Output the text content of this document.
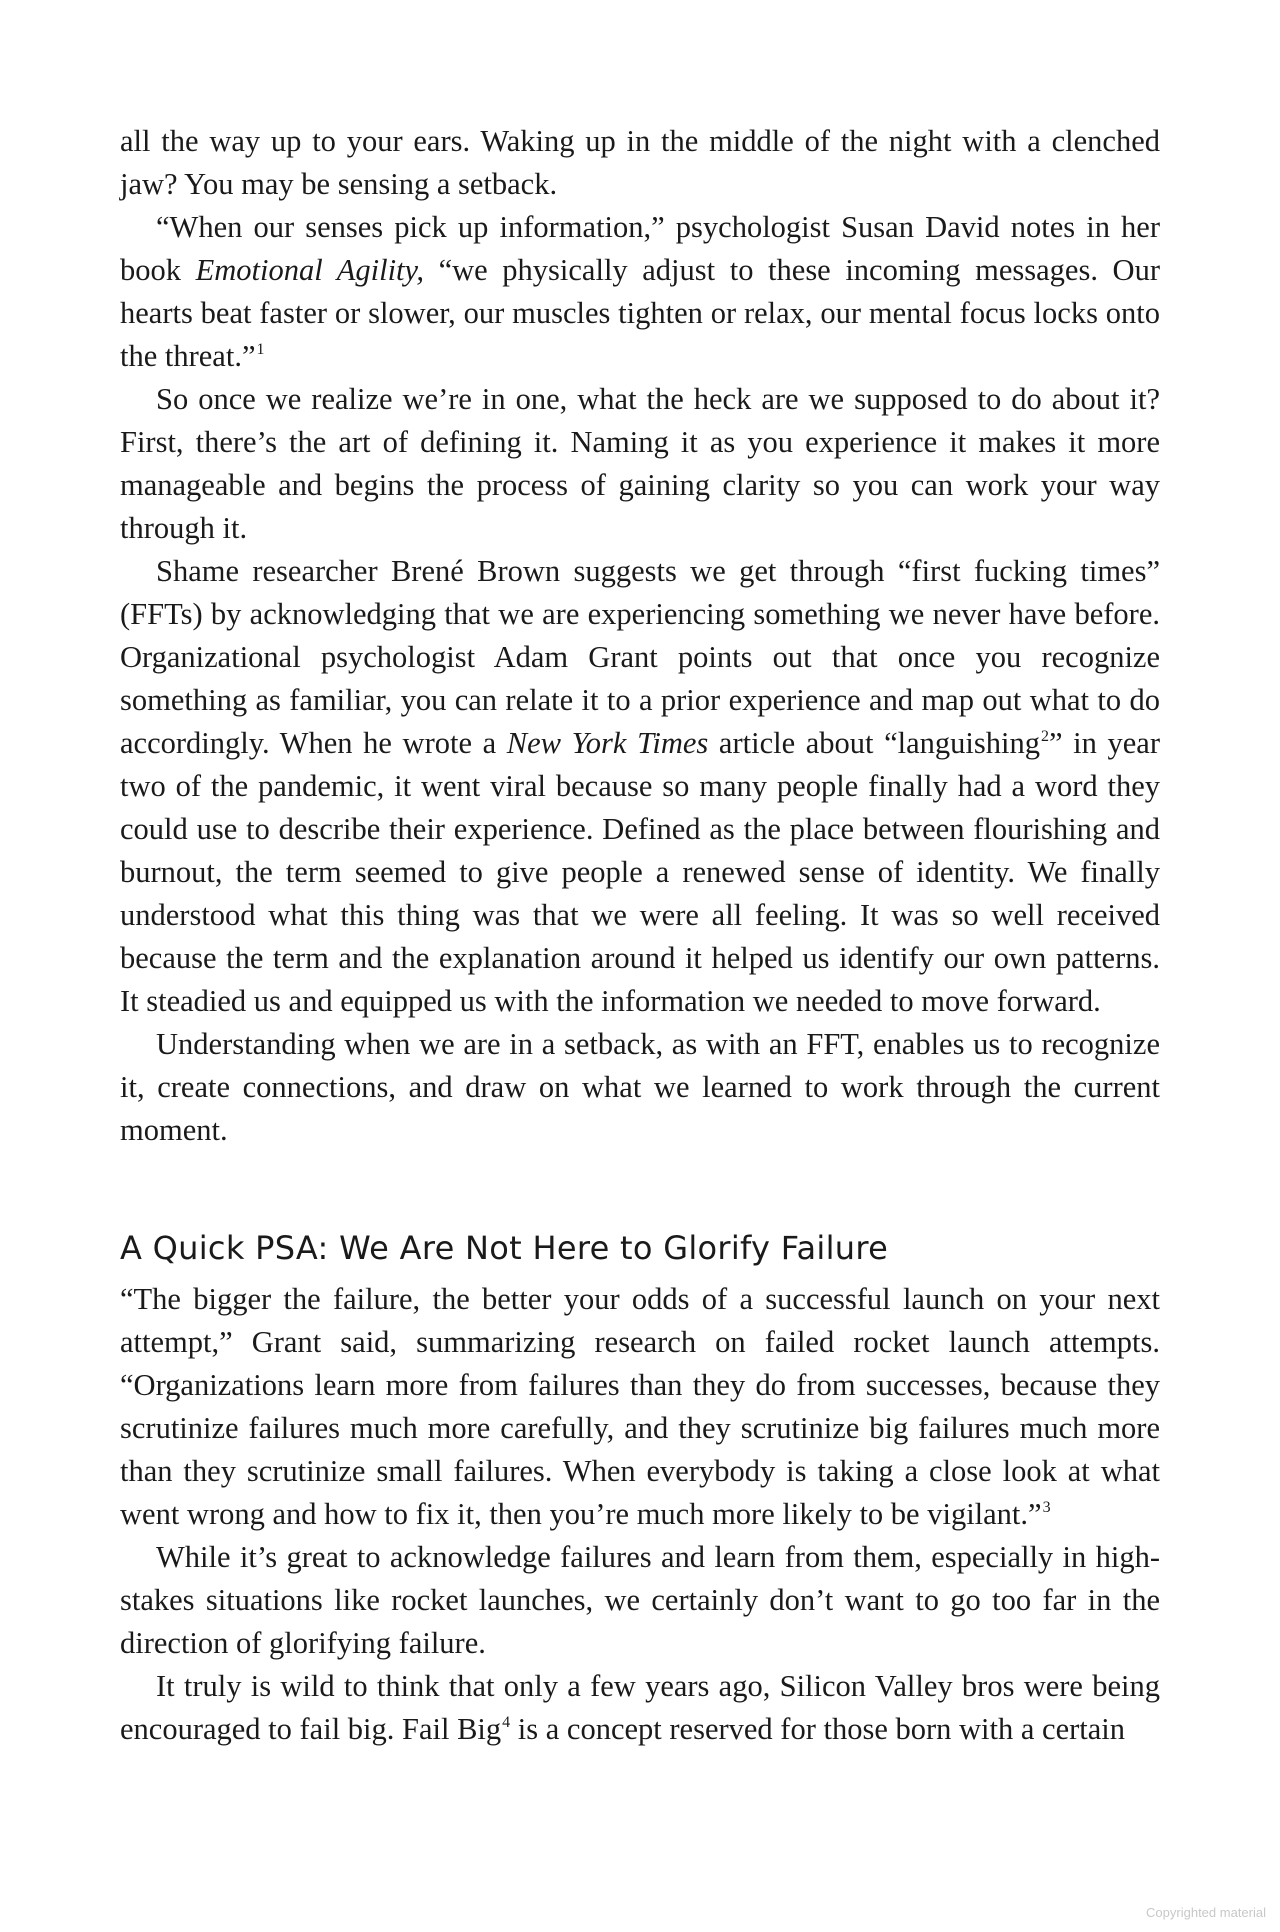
all the way up to your ears. Waking up in the middle of the night with a clenched jaw? You may be sensing a setback.

“When our senses pick up information,” psychologist Susan David notes in her book Emotional Agility, “we physically adjust to these incoming messages. Our hearts beat faster or slower, our muscles tighten or relax, our mental focus locks onto the threat.”$^1$

So once we realize we’re in one, what the heck are we supposed to do about it? First, there’s the art of defining it. Naming it as you experience it makes it more manageable and begins the process of gaining clarity so you can work your way through it.

Shame researcher Brené Brown suggests we get through “first fucking times” (FFTs) by acknowledging that we are experiencing something we never have before. Organizational psychologist Adam Grant points out that once you recognize something as familiar, you can relate it to a prior experience and map out what to do accordingly. When he wrote a New York Times article about “languishing$^2$” in year two of the pandemic, it went viral because so many people finally had a word they could use to describe their experience. Defined as the place between flourishing and burnout, the term seemed to give people a renewed sense of identity. We finally understood what this thing was that we were all feeling. It was so well received because the term and the explanation around it helped us identify our own patterns. It steadied us and equipped us with the information we needed to move forward.

Understanding when we are in a setback, as with an FFT, enables us to recognize it, create connections, and draw on what we learned to work through the current moment.

A Quick PSA: We Are Not Here to Glorify Failure

“The bigger the failure, the better your odds of a successful launch on your next attempt,” Grant said, summarizing research on failed rocket launch attempts. “Organizations learn more from failures than they do from successes, because they scrutinize failures much more carefully, and they scrutinize big failures much more than they scrutinize small failures. When everybody is taking a close look at what went wrong and how to fix it, then you’re much more likely to be vigilant.”$^3$

While it’s great to acknowledge failures and learn from them, especially in high-stakes situations like rocket launches, we certainly don’t want to go too far in the direction of glorifying failure.

It truly is wild to think that only a few years ago, Silicon Valley bros were being encouraged to fail big. Fail Big$^4$ is a concept reserved for those born with a certain

Copyrighted material
